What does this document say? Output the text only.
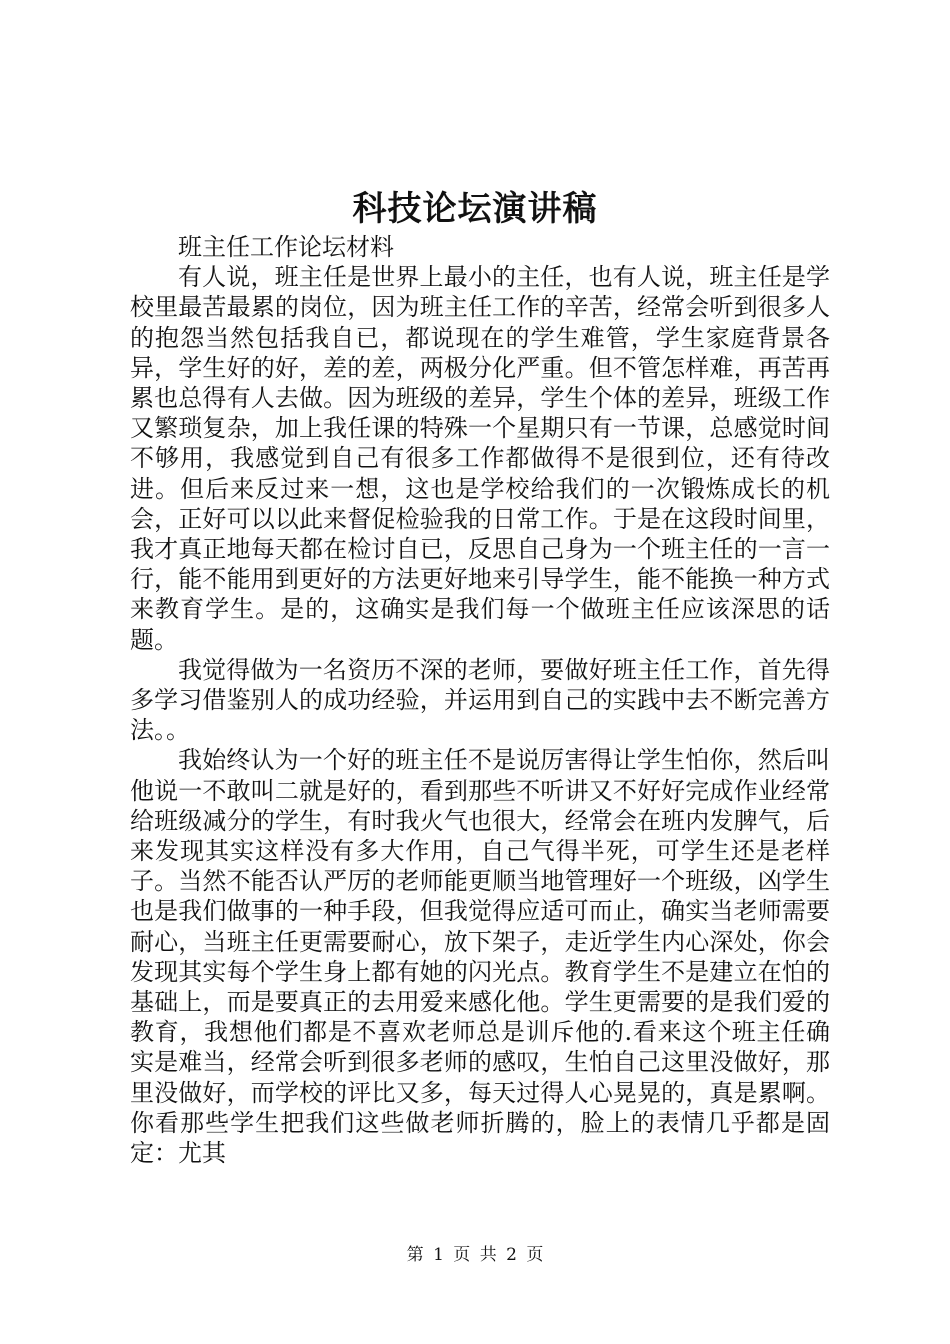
科技论坛演讲稿

班主任工作论坛材料

有人说，班主任是世界上最小的主任，也有人说，班主任是学校里最苦最累的岗位，因为班主任工作的辛苦，经常会听到很多人的抱怨当然包括我自已，都说现在的学生难管，学生家庭背景各异，学生好的好，差的差，两极分化严重。但不管怎样难，再苦再累也总得有人去做。因为班级的差异，学生个体的差异，班级工作又繁琐复杂，加上我任课的特殊一个星期只有一节课，总感觉时间不够用，我感觉到自己有很多工作都做得不是很到位，还有待改进。但后来反过来一想，这也是学校给我们的一次锻炼成长的机会，正好可以以此来督促检验我的日常工作。于是在这段时间里，我才真正地每天都在检讨自已，反思自己身为一个班主任的一言一行，能不能用到更好的方法更好地来引导学生，能不能换一种方式来教育学生。是的，这确实是我们每一个做班主任应该深思的话题。

我觉得做为一名资历不深的老师，要做好班主任工作，首先得多学习借鉴别人的成功经验，并运用到自己的实践中去不断完善方法。。

我始终认为一个好的班主任不是说厉害得让学生怕你，然后叫他说一不敢叫二就是好的，看到那些不听讲又不好好完成作业经常给班级减分的学生，有时我火气也很大，经常会在班内发脾气，后来发现其实这样没有多大作用，自己气得半死，可学生还是老样子。当然不能否认严厉的老师能更顺当地管理好一个班级，凶学生也是我们做事的一种手段，但我觉得应适可而止，确实当老师需要耐心，当班主任更需要耐心，放下架子，走近学生内心深处，你会发现其实每个学生身上都有她的闪光点。教育学生不是建立在怕的基础上，而是要真正的去用爱来感化他。学生更需要的是我们爱的教育，我想他们都是不喜欢老师总是训斥他的.看来这个班主任确实是难当，经常会听到很多老师的感叹，生怕自己这里没做好，那里没做好，而学校的评比又多，每天过得人心晃晃的，真是累啊。你看那些学生把我们这些做老师折腾的，脸上的表情几乎都是固定：尤其

第 1 页 共 2 页
